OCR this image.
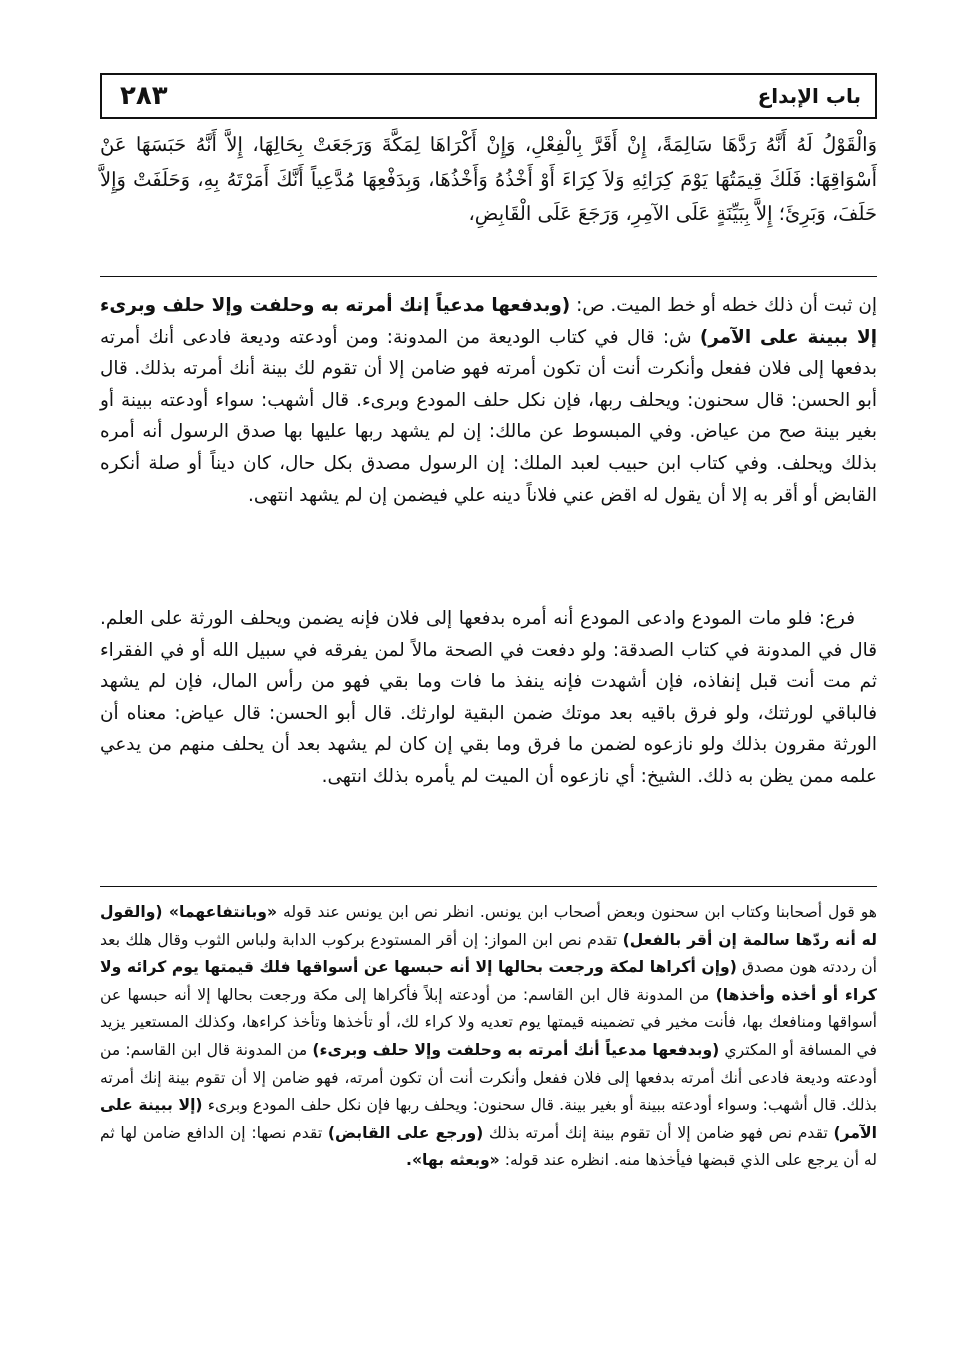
٢٨٣	باب الإبداع
وَالْقَوْلُ لَهُ أَنَّهُ رَدَّهَا سَالِمَةً، إِنْ أَقَرَّ بِالْفِعْلِ، وَإِنْ أَكْرَاهَا لِمَكَّةَ وَرَجَعَتْ بِحَالِهَا، إِلاَّ أَنَّهُ حَبَسَهَا عَنْ أَسْوَاقِهَا: فَلَكَ قِيمَتُهَا يَوْمَ كِرَائِهِ وَلاَ كِرَاءَ أَوْ أَخْذُهُ وَأَخْذُهَا، وَبِدَفْعِهَا مُدَّعِياً أَنَّكَ أَمَرْتَهُ بِهِ، وَحَلَفَتْ وَإِلاَّ حَلَفَ، وَبَرِئَ؛ إِلاَّ بِبَيِّنَةٍ عَلَى الآمِرِ، وَرَجَعَ عَلَى الْقَابِضِ،

إن ثبت أن ذلك خطه أو خط الميت. ص: (وبدفعها مدعياً إنك أمرته به وحلفت وإلا حلف وبرىء إلا ببينة على الآمر) ش: قال في كتاب الوديعة من المدونة: ومن أودعته وديعة فادعى أنك أمرته بدفعها إلى فلان ففعل وأنكرت أنت أن تكون أمرته فهو ضامن إلا أن تقوم لك بينة أنك أمرته بذلك. قال أبو الحسن: قال سحنون: ويحلف ربها، فإن نكل حلف المودع وبرىء. قال أشهب: سواء أودعته ببينة أو بغير بينة صح من عياض. وفي المبسوط عن مالك: إن لم يشهد ربها عليها بها صدق الرسول أنه أمره بذلك ويحلف. وفي كتاب ابن حبيب لعبد الملك: إن الرسول مصدق بكل حال، كان ديناً أو صلة أنكره القابض أو أقر به إلا أن يقول له اقض عني فلاناً دينه علي فيضمن إن لم يشهد انتهى.

فرع: فلو مات المودع وادعى المودع أنه أمره بدفعها إلى فلان فإنه يضمن ويحلف الورثة على العلم. قال في المدونة في كتاب الصدقة: ولو دفعت في الصحة مالاً لمن يفرقه في سبيل الله أو في الفقراء ثم مت أنت قبل إنفاذه، فإن أشهدت فإنه ينفذ ما فات وما بقي فهو من رأس المال، فإن لم يشهد فالباقي لورثتك، ولو فرق باقيه بعد موتك ضمن البقية لوارثك. قال أبو الحسن: قال عياض: معناه أن الورثة مقرون بذلك ولو نازعوه لضمن ما فرق وما بقي إن كان لم يشهد بعد أن يحلف منهم من يدعي علمه ممن يظن به ذلك. الشيخ: أي نازعوه أن الميت لم يأمره بذلك انتهى.

هو قول أصحابنا وكتاب ابن سحنون وبعض أصحاب ابن يونس. انظر نص ابن يونس عند قوله «وبانتفاعهما» (والقول له أنه ردّها سالمة إن أقر بالفعل) تقدم نص ابن المواز: إن أقر المستودع بركوب الدابة ولباس الثوب وقال هلك بعد أن رددته هون مصدق (وإن أكراها لمكة ورجعت بحالها إلا أنه حبسها عن أسواقها فلك قيمتها يوم كرائه ولا كراء أو أخذه وأخذها) من المدونة قال ابن القاسم: من أودعته إبلاً فأكراها إلى مكة ورجعت بحالها إلا أنه حبسها عن أسواقها ومنافعك بها، فأنت مخير في تضمينه قيمتها يوم تعديه ولا كراء لك، أو تأخذها وتأخذ كراءها، وكذلك المستعير يزيد في المسافة أو المكتري (وبدفعها مدعياً أنك أمرته به وحلفت وإلا حلف وبرىء) من المدونة قال ابن القاسم: من أودعته وديعة فادعى أنك أمرته بدفعها إلى فلان ففعل وأنكرت أنت أن تكون أمرته، فهو ضامن إلا أن تقوم بينة إنك أمرته بذلك. قال أشهب: وسواء أودعته ببينة أو بغير بينة. قال سحنون: ويحلف ربها فإن نكل حلف المودع وبرىء (إلا ببينة على الآمر) تقدم نص فهو ضامن إلا أن تقوم بينة إنك أمرته بذلك (ورجع على القابض) تقدم نصها: إن الدافع ضامن لها ثم له أن يرجع على الذي قبضها فيأخذها منه. انظره عند قوله: «وبعثه بها».
